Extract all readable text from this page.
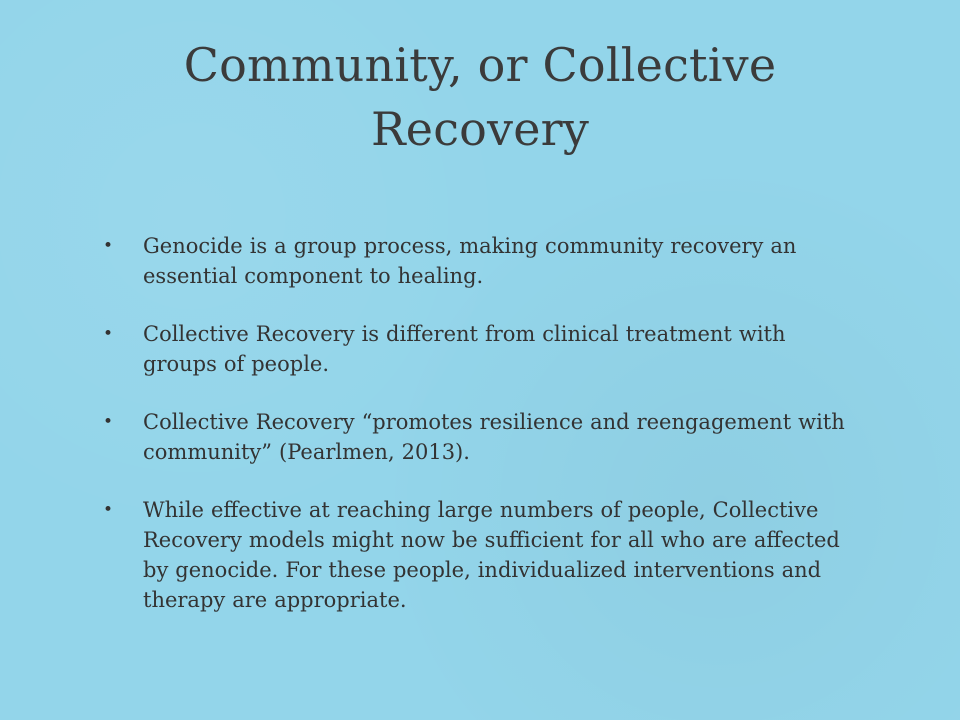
Community, or Collective
Recovery
• Genocide is a group process, making community recovery an essential component to healing.
• Collective Recovery is different from clinical treatment with groups of people.
• Collective Recovery “promotes resilience and reengagement with community” (Pearlmen, 2013).
• While effective at reaching large numbers of people, Collective Recovery models might now be sufficient for all who are affected by genocide. For these people, individualized interventions and therapy are appropriate.
